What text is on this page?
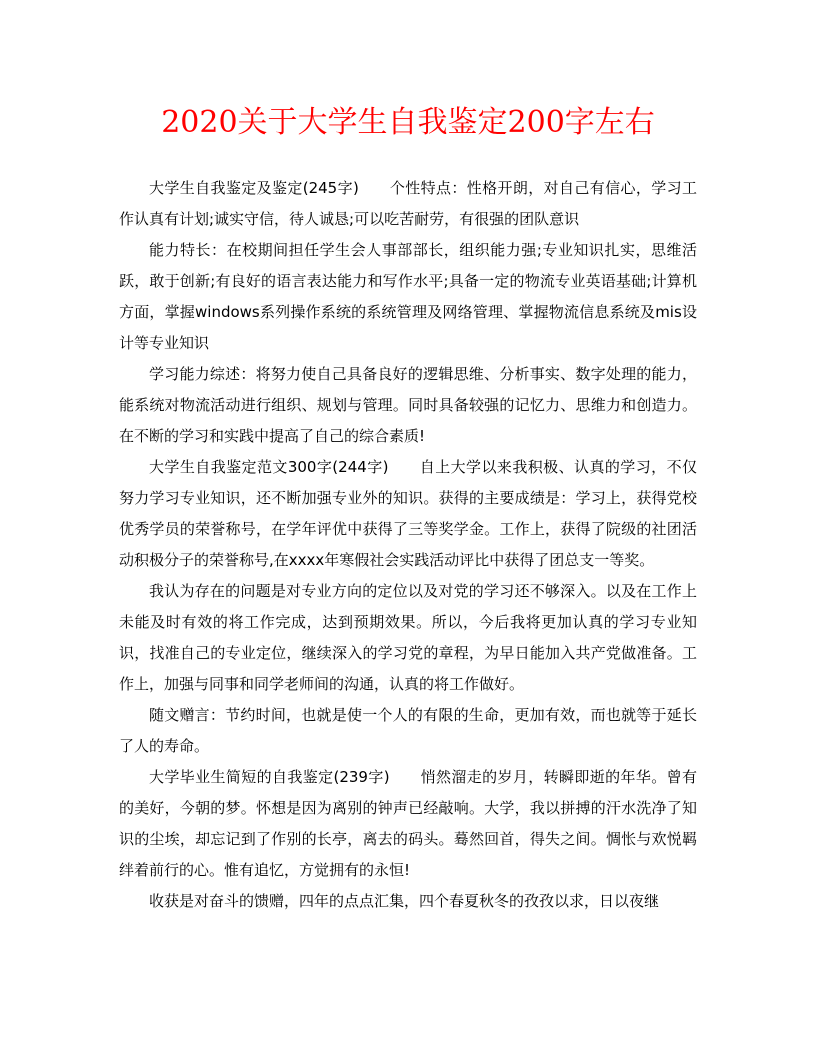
2020关于大学生自我鉴定200字左右

大学生自我鉴定及鉴定(245字)　　个性特点：性格开朗，对自己有信心，学习工作认真有计划;诚实守信，待人诚恳;可以吃苦耐劳，有很强的团队意识

能力特长：在校期间担任学生会人事部部长，组织能力强;专业知识扎实，思维活跃，敢于创新;有良好的语言表达能力和写作水平;具备一定的物流专业英语基础;计算机方面，掌握windows系列操作系统的系统管理及网络管理、掌握物流信息系统及mis设计等专业知识

学习能力综述：将努力使自己具备良好的逻辑思维、分析事实、数字处理的能力，能系统对物流活动进行组织、规划与管理。同时具备较强的记忆力、思维力和创造力。在不断的学习和实践中提高了自己的综合素质!

大学生自我鉴定范文300字(244字)　　自上大学以来我积极、认真的学习，不仅努力学习专业知识，还不断加强专业外的知识。获得的主要成绩是：学习上，获得党校优秀学员的荣誉称号，在学年评优中获得了三等奖学金。工作上，获得了院级的社团活动积极分子的荣誉称号,在xxxx年寒假社会实践活动评比中获得了团总支一等奖。

我认为存在的问题是对专业方向的定位以及对党的学习还不够深入。以及在工作上未能及时有效的将工作完成，达到预期效果。所以，今后我将更加认真的学习专业知识，找准自己的专业定位，继续深入的学习党的章程，为早日能加入共产党做准备。工作上，加强与同事和同学老师间的沟通，认真的将工作做好。

随文赠言：节约时间，也就是使一个人的有限的生命，更加有效，而也就等于延长了人的寿命。

大学毕业生简短的自我鉴定(239字)　　悄然溜走的岁月，转瞬即逝的年华。曾有的美好，今朝的梦。怀想是因为离别的钟声已经敲响。大学，我以拼搏的汗水洗净了知识的尘埃，却忘记到了作别的长亭，离去的码头。蓦然回首，得失之间。惆怅与欢悦羁绊着前行的心。惟有追忆，方觉拥有的永恒!

收获是对奋斗的馈赠，四年的点点汇集，四个春夏秋冬的孜孜以求，日以夜继
